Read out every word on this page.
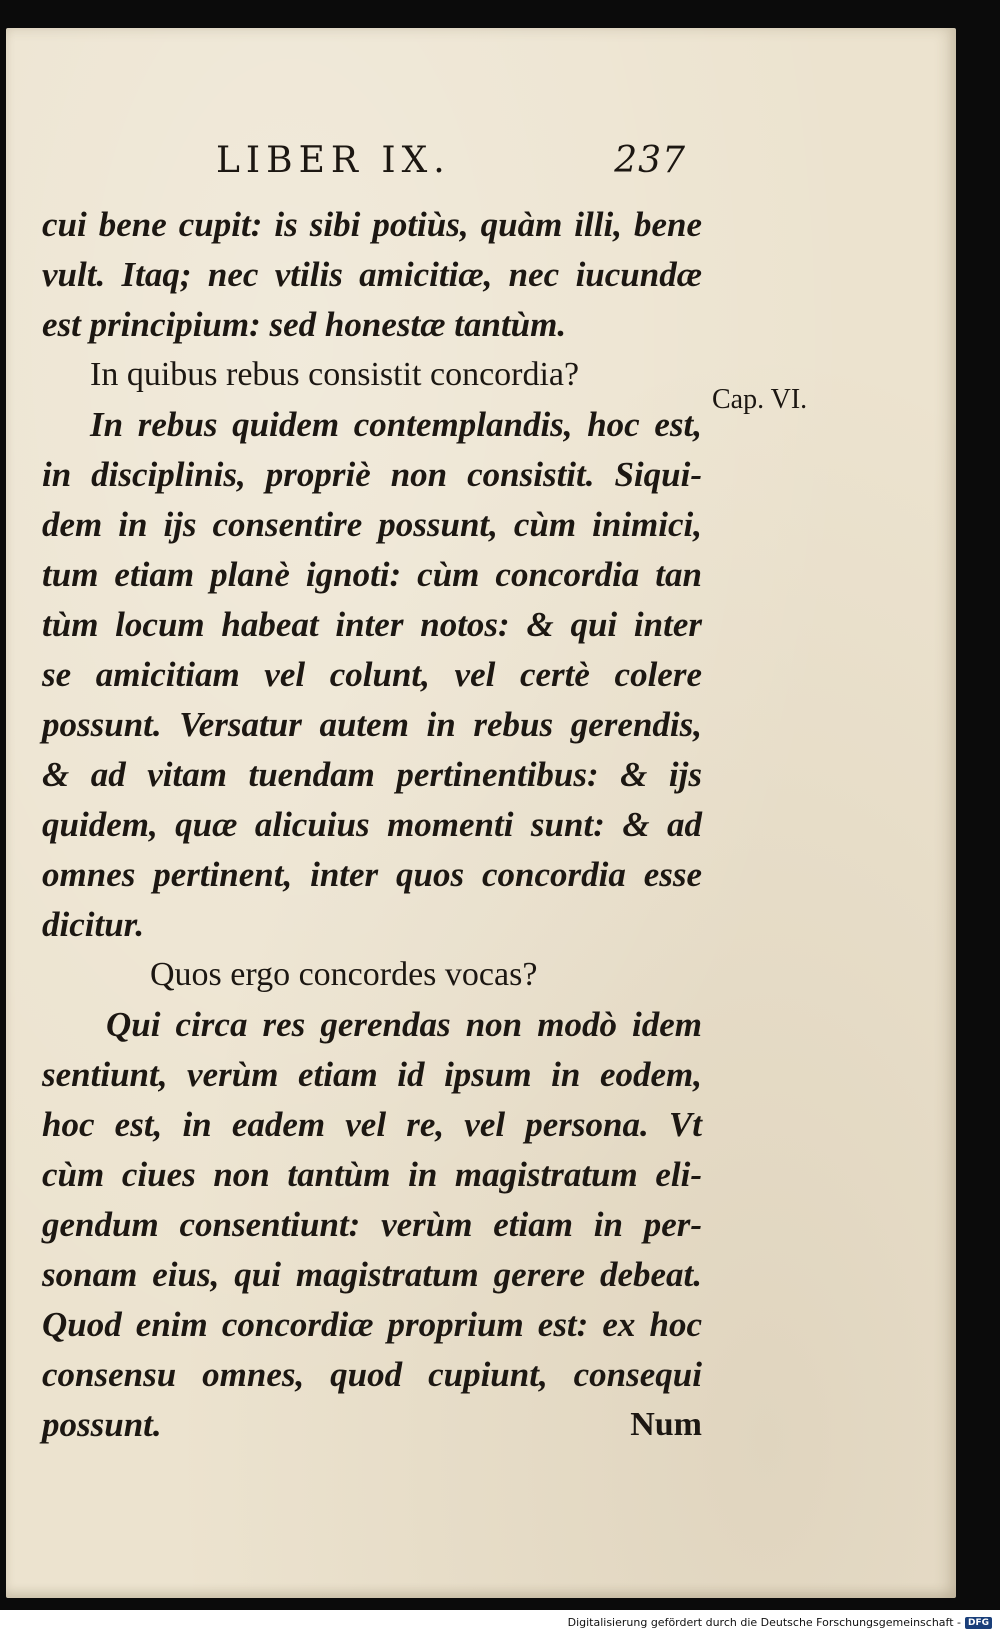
LIBER IX.	237
Cap. VI.
cui bene cupit: is sibi potiùs, quàm illi, bene
vult. Itaq; nec vtilis amicitiæ, nec iucundæ
est principium: sed honestæ tantùm.
In quibus rebus consistit concordia?
In rebus quidem contemplandis, hoc est,
in disciplinis, propriè non consistit. Siqui-
dem in ijs consentire possunt, cùm inimici,
tum etiam planè ignoti: cùm concordia tan
tùm locum habeat inter notos: & qui inter
se amicitiam vel colunt, vel certè colere
possunt. Versatur autem in rebus gerendis,
& ad vitam tuendam pertinentibus: & ijs
quidem, quæ alicuius momenti sunt: & ad
omnes pertinent, inter quos concordia esse
dicitur.
Quos ergo concordes vocas?
Qui circa res gerendas non modò idem
sentiunt, verùm etiam id ipsum in eodem,
hoc est, in eadem vel re, vel persona. Vt
cùm ciues non tantùm in magistratum eli-
gendum consentiunt: verùm etiam in per-
sonam eius, qui magistratum gerere debeat.
Quod enim concordiæ proprium est: ex hoc
consensu omnes, quod cupiunt, consequi
possunt.	Num
Digitalisierung gefördert durch die Deutsche Forschungsgemeinschaft - DFG
